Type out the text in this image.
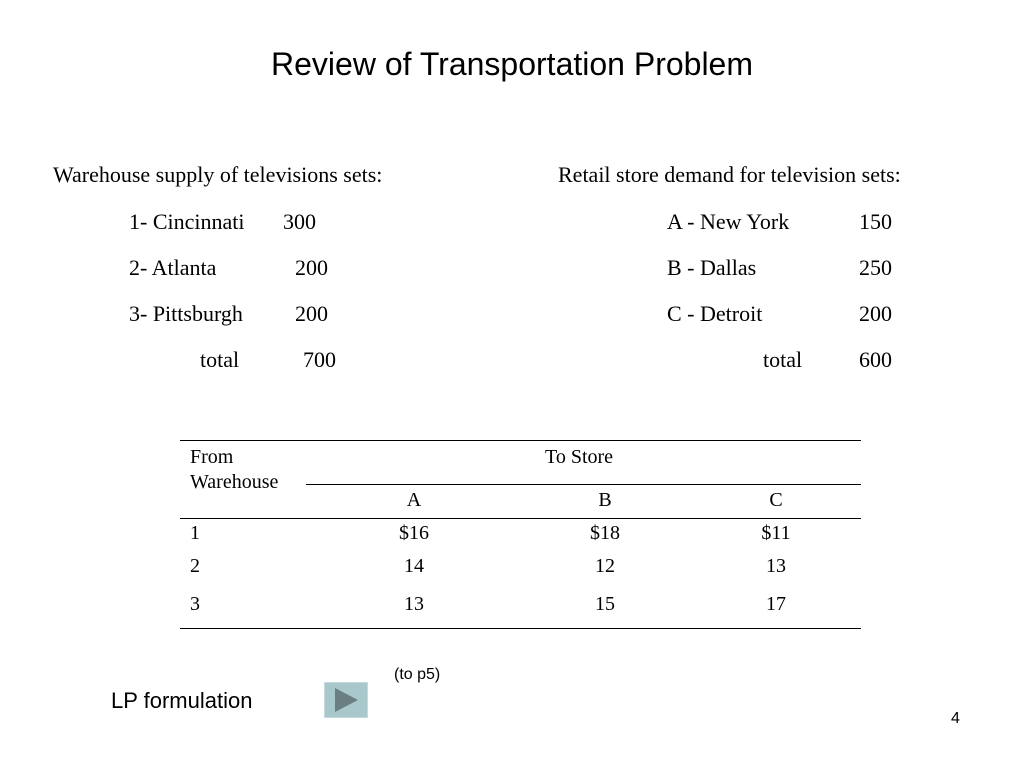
Review of Transportation Problem
Warehouse supply of televisions sets:
1- Cincinnati 300
2- Atlanta	200
3- Pittsburgh 200
total	700
Retail store demand for television sets:
A - New York	150
B - Dallas	250
C - Detroit	200
total	600
From
Warehouse
To Store
A	B	C
1	$16	$18	$11
2	14	12	13
3	13	15	17
(to p5)
LP formulation
4
